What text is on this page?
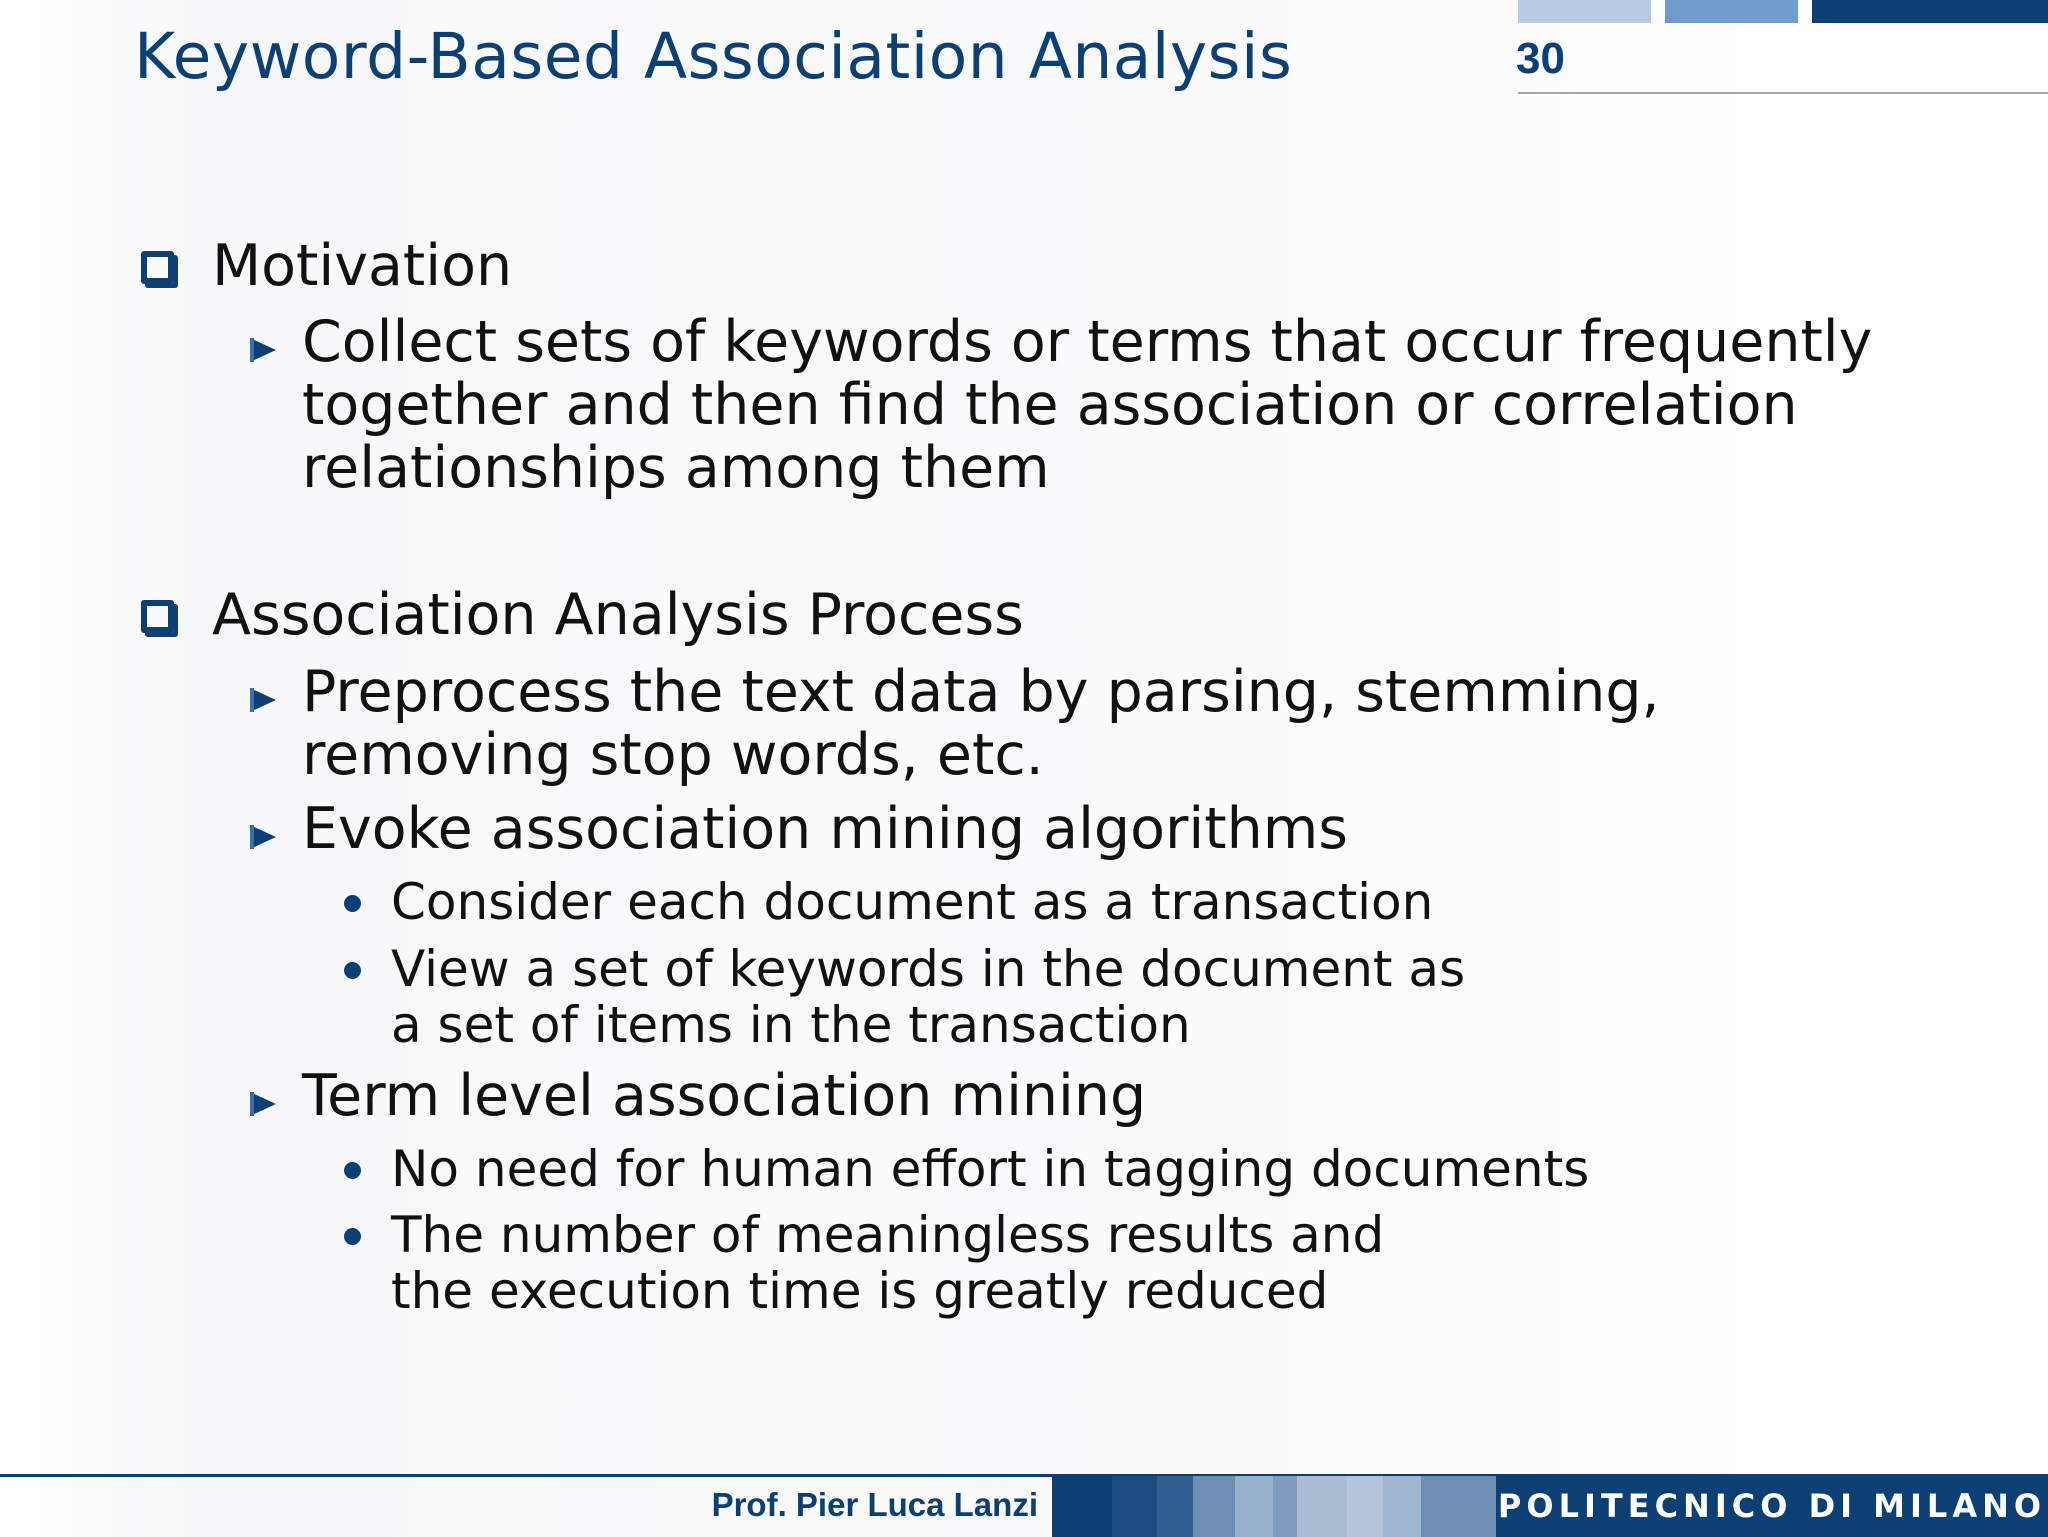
Keyword-Based Association Analysis	30
Motivation
Collect sets of keywords or terms that occur frequently
together and then find the association or correlation
relationships among them
Association Analysis Process
Preprocess the text data by parsing, stemming,
removing stop words, etc.
Evoke association mining algorithms
Consider each document as a transaction
View a set of keywords in the document as
a set of items in the transaction
Term level association mining
No need for human effort in tagging documents
The number of meaningless results and
the execution time is greatly reduced
Prof. Pier Luca Lanzi	POLITECNICO DI MILANO
